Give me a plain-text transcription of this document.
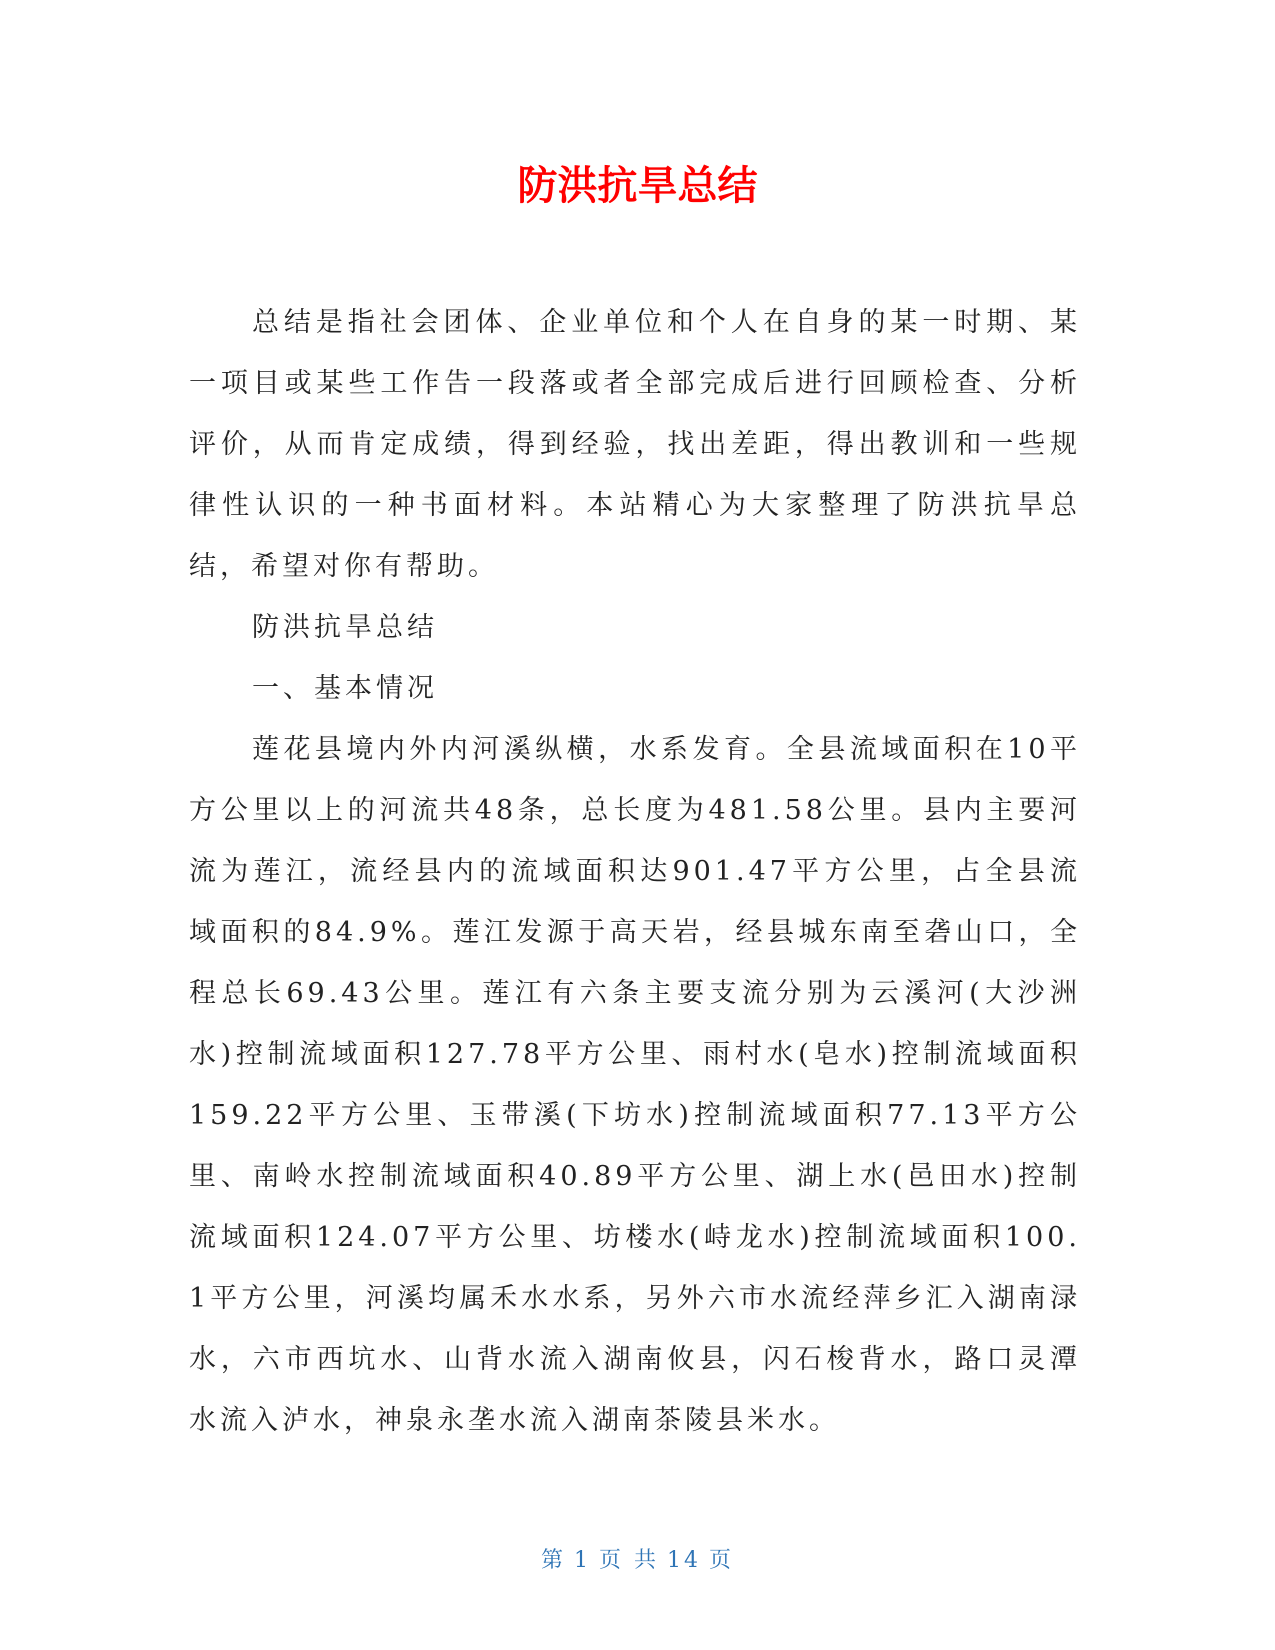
防洪抗旱总结

总结是指社会团体、企业单位和个人在自身的某一时期、某一项目或某些工作告一段落或者全部完成后进行回顾检查、分析评价，从而肯定成绩，得到经验，找出差距，得出教训和一些规律性认识的一种书面材料。本站精心为大家整理了防洪抗旱总结，希望对你有帮助。

防洪抗旱总结

一、基本情况

莲花县境内外内河溪纵横，水系发育。全县流域面积在10平方公里以上的河流共48条，总长度为481.58公里。县内主要河流为莲江，流经县内的流域面积达901.47平方公里，占全县流域面积的84.9%。莲江发源于高天岩，经县城东南至砻山口，全程总长69.43公里。莲江有六条主要支流分别为云溪河(大沙洲水)控制流域面积127.78平方公里、雨村水(皂水)控制流域面积159.22平方公里、玉带溪(下坊水)控制流域面积77.13平方公里、南岭水控制流域面积40.89平方公里、湖上水(邑田水)控制流域面积124.07平方公里、坊楼水(峙龙水)控制流域面积100.1平方公里，河溪均属禾水水系，另外六市水流经萍乡汇入湖南渌水，六市西坑水、山背水流入湖南攸县，闪石梭背水，路口灵潭水流入泸水，神泉永垄水流入湖南茶陵县米水。

第 1 页 共 14 页
